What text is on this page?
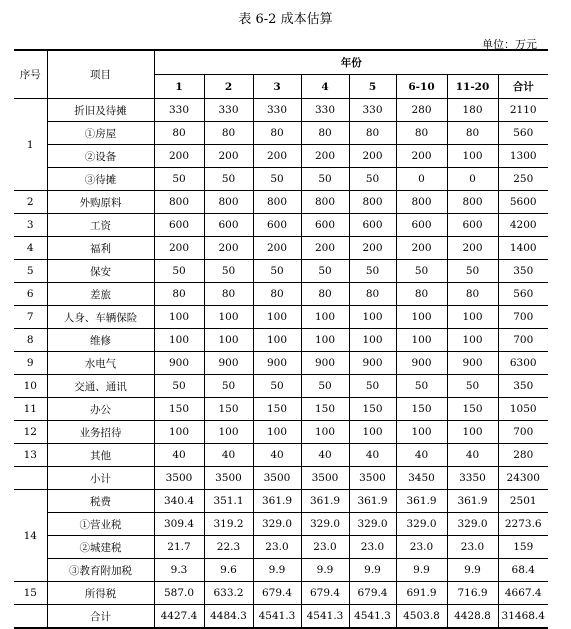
表 6-2 成本估算
单位：万元
序号	项目	年份							
		1	2	3	4	5	6-10	11-20	合计
1	折旧及待摊	330	330	330	330	330	280	180	2110
	①房屋	80	80	80	80	80	80	80	560
	②设备	200	200	200	200	200	200	100	1300
	③待摊	50	50	50	50	50	0	0	250
2	外购原料	800	800	800	800	800	800	800	5600
3	工资	600	600	600	600	600	600	600	4200
4	福利	200	200	200	200	200	200	200	1400
5	保安	50	50	50	50	50	50	50	350
6	差旅	80	80	80	80	80	80	80	560
7	人身、车辆保险	100	100	100	100	100	100	100	700
8	维修	100	100	100	100	100	100	100	700
9	水电气	900	900	900	900	900	900	900	6300
10	交通、通讯	50	50	50	50	50	50	50	350
11	办公	150	150	150	150	150	150	150	1050
12	业务招待	100	100	100	100	100	100	100	700
13	其他	40	40	40	40	40	40	40	280
	小计	3500	3500	3500	3500	3500	3450	3350	24300
14	税费	340.4	351.1	361.9	361.9	361.9	361.9	361.9	2501
	①营业税	309.4	319.2	329.0	329.0	329.0	329.0	329.0	2273.6
	②城建税	21.7	22.3	23.0	23.0	23.0	23.0	23.0	159
	③教育附加税	9.3	9.6	9.9	9.9	9.9	9.9	9.9	68.4
15	所得税	587.0	633.2	679.4	679.4	679.4	691.9	716.9	4667.4
	合计	4427.4	4484.3	4541.3	4541.3	4541.3	4503.8	4428.8	31468.4
